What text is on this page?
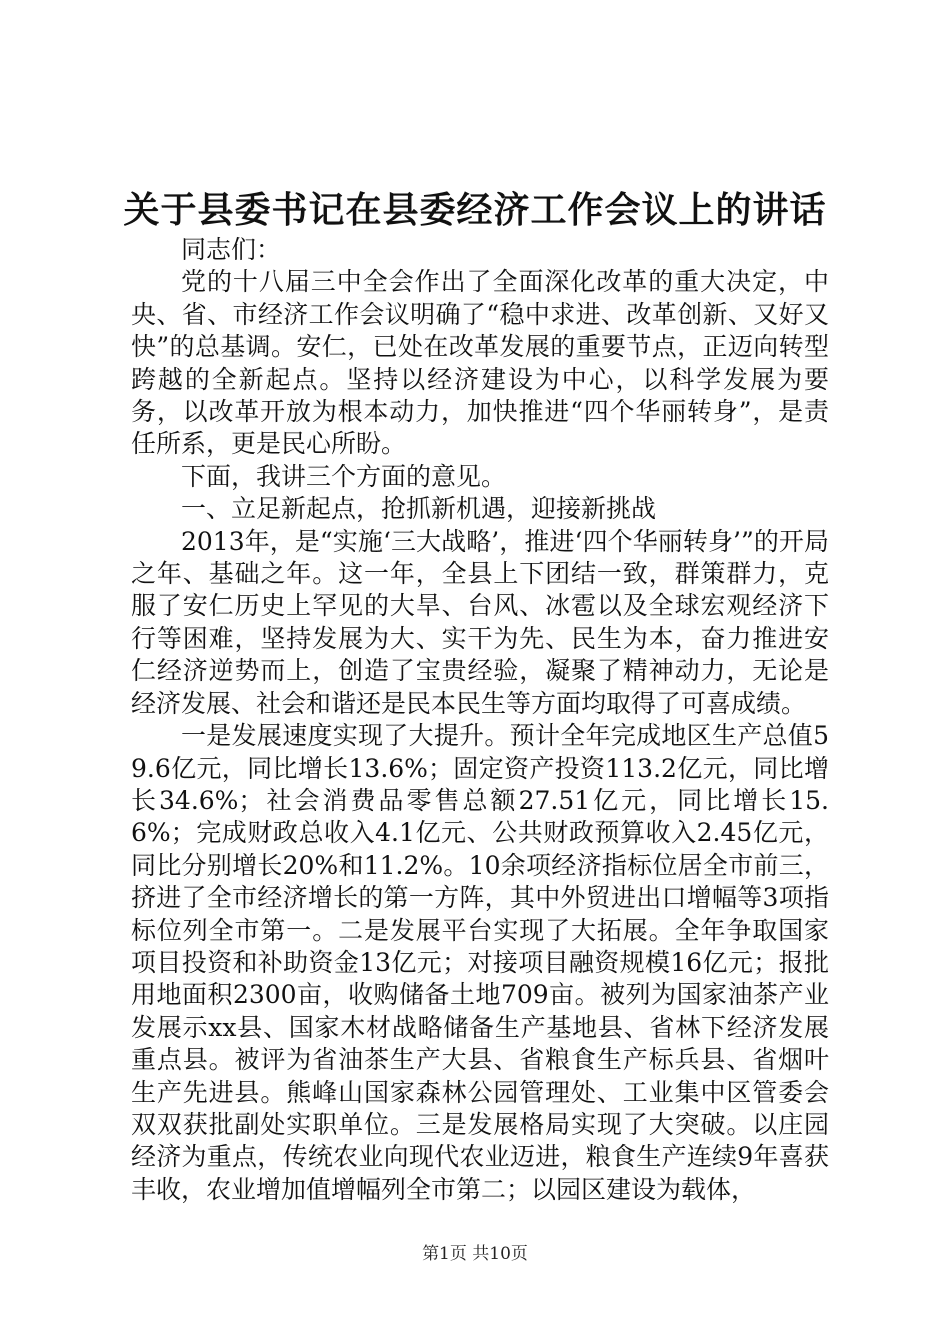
关于县委书记在县委经济工作会议上的讲话

同志们：

党的十八届三中全会作出了全面深化改革的重大决定，中央、省、市经济工作会议明确了“稳中求进、改革创新、又好又快”的总基调。安仁，已处在改革发展的重要节点，正迈向转型跨越的全新起点。坚持以经济建设为中心，以科学发展为要务，以改革开放为根本动力，加快推进“四个华丽转身”，是责任所系，更是民心所盼。

下面，我讲三个方面的意见。

一、立足新起点，抢抓新机遇，迎接新挑战

2013年，是“实施‘三大战略’，推进‘四个华丽转身’”的开局之年、基础之年。这一年，全县上下团结一致，群策群力，克服了安仁历史上罕见的大旱、台风、冰雹以及全球宏观经济下行等困难，坚持发展为大、实干为先、民生为本，奋力推进安仁经济逆势而上，创造了宝贵经验，凝聚了精神动力，无论是经济发展、社会和谐还是民本民生等方面均取得了可喜成绩。

一是发展速度实现了大提升。预计全年完成地区生产总值59.6亿元，同比增长13.6%；固定资产投资113.2亿元，同比增长34.6%；社会消费品零售总额27.51亿元，同比增长15.6%；完成财政总收入4.1亿元、公共财政预算收入2.45亿元，同比分别增长20%和11.2%。10余项经济指标位居全市前三，挤进了全市经济增长的第一方阵，其中外贸进出口增幅等3项指标位列全市第一。二是发展平台实现了大拓展。全年争取国家项目投资和补助资金13亿元；对接项目融资规模16亿元；报批用地面积2300亩，收购储备土地709亩。被列为国家油茶产业发展示xx县、国家木材战略储备生产基地县、省林下经济发展重点县。被评为省油茶生产大县、省粮食生产标兵县、省烟叶生产先进县。熊峰山国家森林公园管理处、工业集中区管委会双双获批副处实职单位。三是发展格局实现了大突破。以庄园经济为重点，传统农业向现代农业迈进，粮食生产连续9年喜获丰收，农业增加值增幅列全市第二；以园区建设为载体，

第1页 共10页
